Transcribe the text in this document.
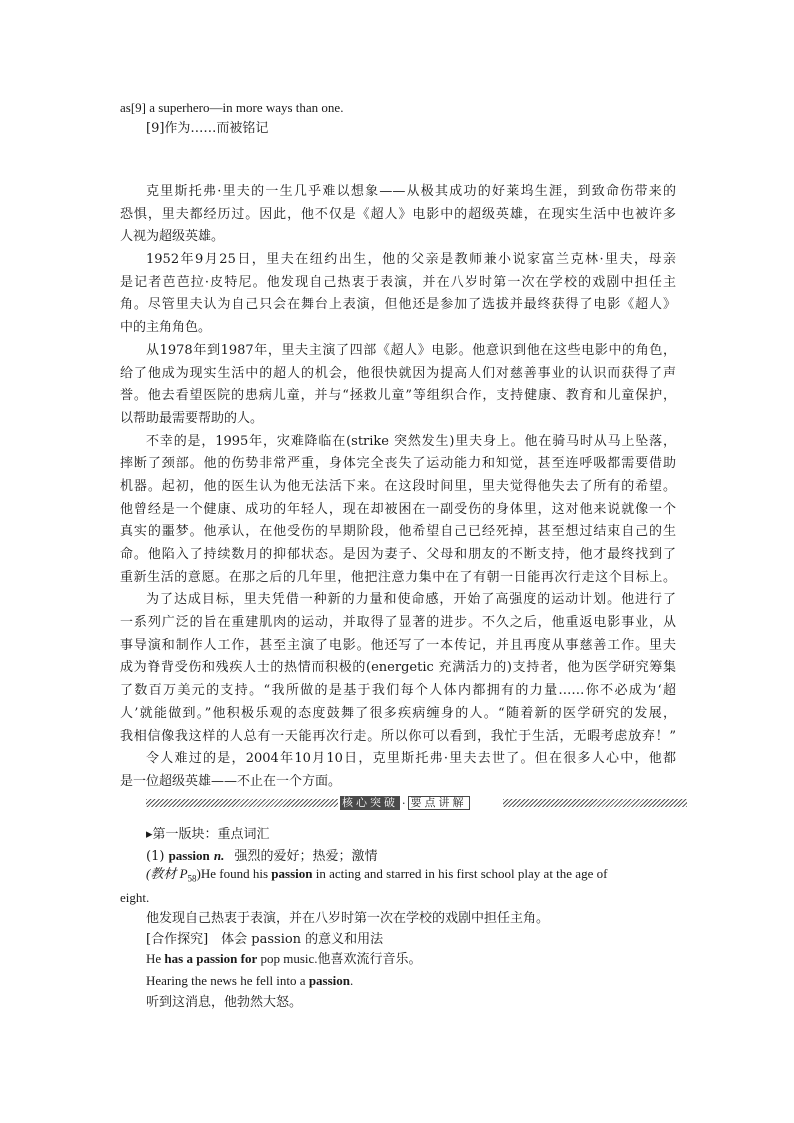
as[9] a superhero—in more ways than one.
[9]作为……而被铭记
克里斯托弗·里夫的一生几乎难以想象——从极其成功的好莱坞生涯，到致命伤带来的
恐惧，里夫都经历过。因此，他不仅是《超人》电影中的超级英雄，在现实生活中也被许多
人视为超级英雄。
1952年9月25日，里夫在纽约出生，他的父亲是教师兼小说家富兰克林·里夫，母亲
是记者芭芭拉·皮特尼。他发现自己热衷于表演，并在八岁时第一次在学校的戏剧中担任主
角。尽管里夫认为自己只会在舞台上表演，但他还是参加了选拔并最终获得了电影《超人》
中的主角角色。
从1978年到1987年，里夫主演了四部《超人》电影。他意识到他在这些电影中的角色，
给了他成为现实生活中的超人的机会，他很快就因为提高人们对慈善事业的认识而获得了声
誉。他去看望医院的患病儿童，并与“拯救儿童”等组织合作，支持健康、教育和儿童保护，
以帮助最需要帮助的人。
不幸的是，1995年，灾难降临在(strike 突然发生)里夫身上。他在骑马时从马上坠落，
摔断了颈部。他的伤势非常严重，身体完全丧失了运动能力和知觉，甚至连呼吸都需要借助
机器。起初，他的医生认为他无法活下来。在这段时间里，里夫觉得他失去了所有的希望。
他曾经是一个健康、成功的年轻人，现在却被困在一副受伤的身体里，这对他来说就像一个
真实的噩梦。他承认，在他受伤的早期阶段，他希望自己已经死掉，甚至想过结束自己的生
命。他陷入了持续数月的抑郁状态。是因为妻子、父母和朋友的不断支持，他才最终找到了
重新生活的意愿。在那之后的几年里，他把注意力集中在了有朝一日能再次行走这个目标上。
为了达成目标，里夫凭借一种新的力量和使命感，开始了高强度的运动计划。他进行了
一系列广泛的旨在重建肌肉的运动，并取得了显著的进步。不久之后，他重返电影事业，从
事导演和制作人工作，甚至主演了电影。他还写了一本传记，并且再度从事慈善工作。里夫
成为脊背受伤和残疾人士的热情而积极的(energetic 充满活力的)支持者，他为医学研究筹集
了数百万美元的支持。“我所做的是基于我们每个人体内都拥有的力量……你不必成为‘超
人’就能做到。”他积极乐观的态度鼓舞了很多疾病缠身的人。“随着新的医学研究的发展，
我相信像我这样的人总有一天能再次行走。所以你可以看到，我忙于生活，无暇考虑放弃！”
令人难过的是，2004年10月10日，克里斯托弗·里夫去世了。但在很多人心中，他都
是一位超级英雄——不止在一个方面。
核心突破 · 要点讲解
▸第一版块：重点词汇
(1) passion n. 强烈的爱好；热爱；激情
(教材 $P_{58})He$ found his passion in acting and starred in his first school play at the age of
eight.
他发现自己热衷于表演，并在八岁时第一次在学校的戏剧中担任主角。
[合作探究]　体会 passion 的意义和用法
He has a passion for pop music.他喜欢流行音乐。
Hearing the news he fell into a passion.
听到这消息，他勃然大怒。
